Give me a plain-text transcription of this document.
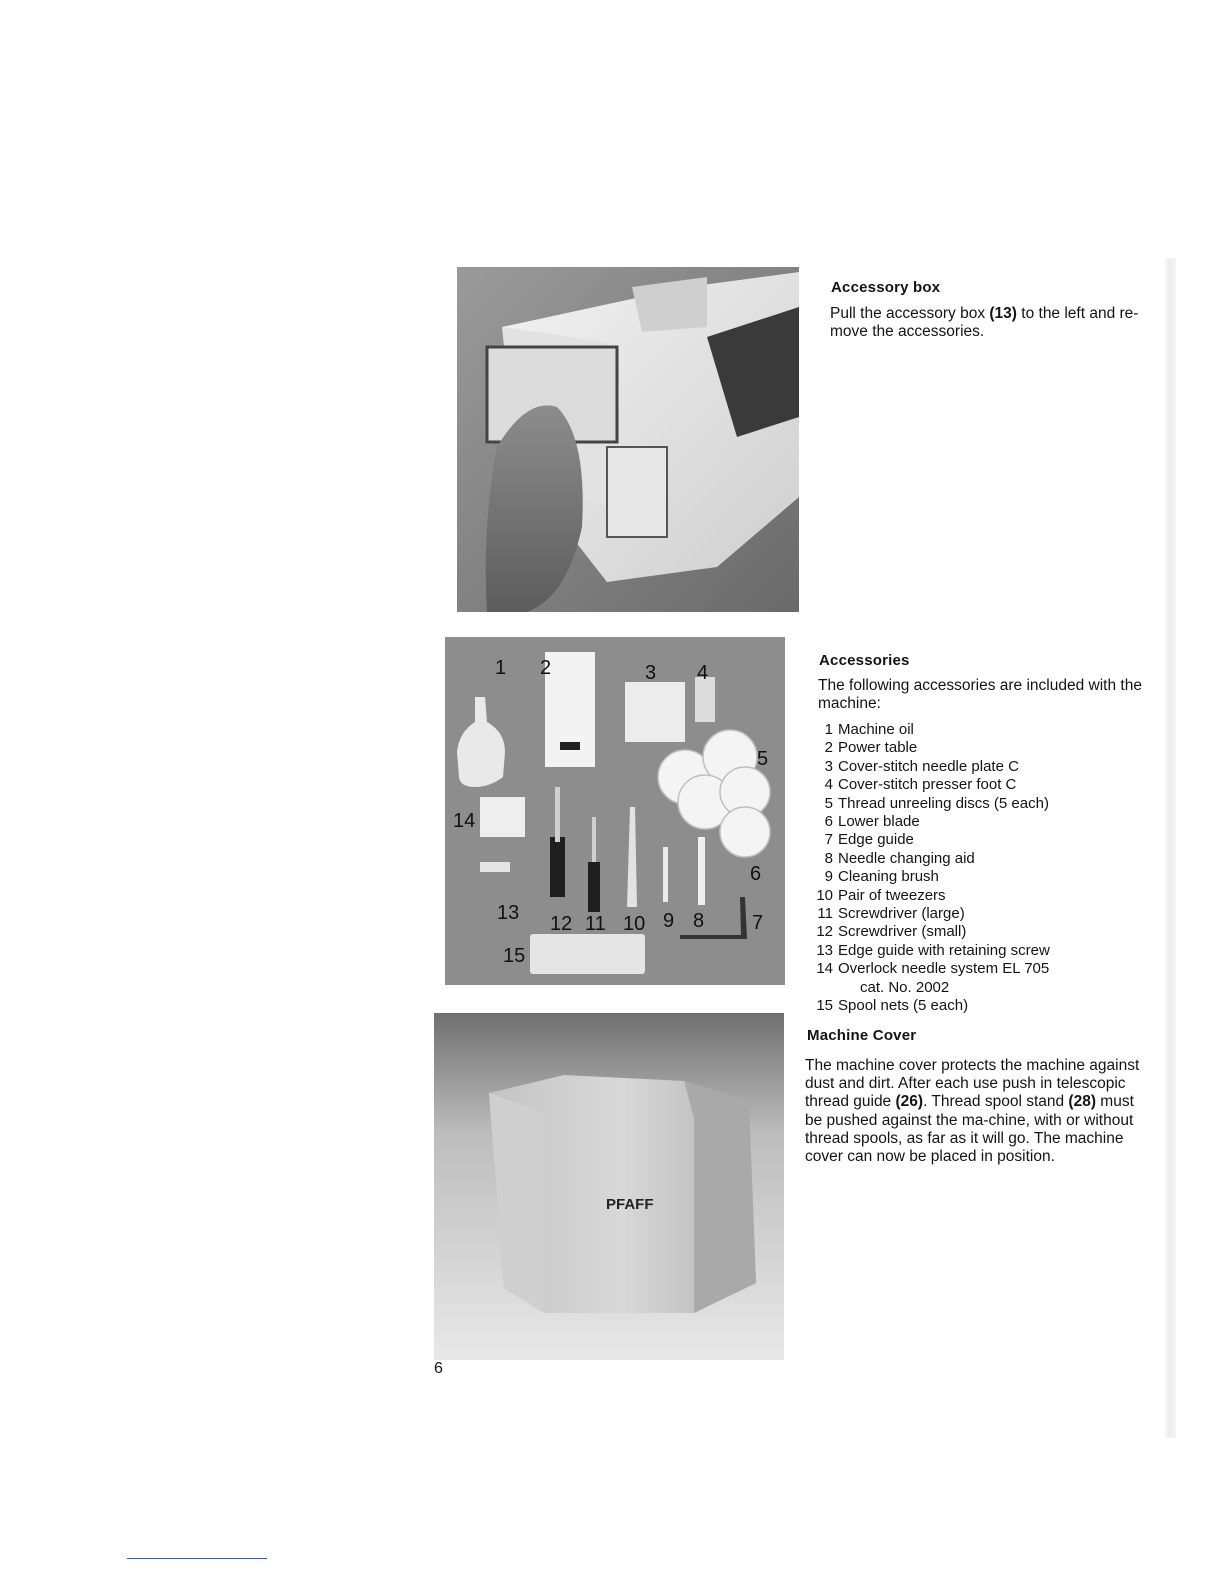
1 2	3 4
5
6
7
8
9
10
11
12
13
14
15
PFAFF
Accessory box
Pull the accessory box (13) to the left and re-move the accessories.
Accessories
The following accessories are included with the machine:
1 Machine oil
2 Power table
3 Cover-stitch needle plate C
4 Cover-stitch presser foot C
5 Thread unreeling discs (5 each)
6 Lower blade
7 Edge guide
8 Needle changing aid
9 Cleaning brush
10 Pair of tweezers
11 Screwdriver (large)
12 Screwdriver (small)
13 Edge guide with retaining screw
14 Overlock needle system EL 705
cat. No. 2002
15 Spool nets (5 each)
Machine Cover
The machine cover protects the machine against dust and dirt. After each use push in telescopic thread guide (26). Thread spool stand (28) must be pushed against the ma-chine, with or without thread spools, as far as it will go. The machine cover can now be placed in position.
6
